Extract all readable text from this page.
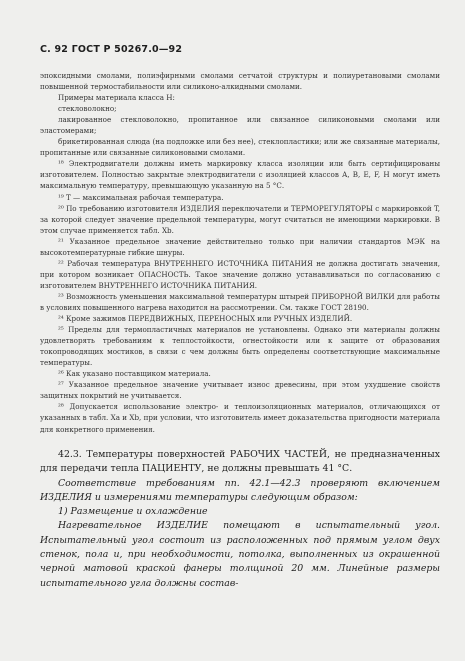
С. 92 ГОСТ Р 50267.0—92

эпоксидными смолами, полиэфирными смолами сетчатой структуры и полиуретановыми смолами повышенной термостабильности или силиконо-алкидными смолами.

Примеры материала класса Н:

стекловолокно;

лакированное стекловолокно, пропитанное или связанное силиконовыми смолами или эластомерами;

брикетированная слюда (на подложке или без нее), стеклопластики; или же связанные материалы, пропитанные или связанные силиконовыми смолами.

¹⁸ Электродвигатели должны иметь маркировку класса изоляции или быть сертифицированы изготовителем. Полностью закрытые электродвигатели с изоляцией классов А, В, Е, F, H могут иметь максимальную температуру, превышающую указанную на 5 °С.

¹⁹ T — максимальная рабочая температура.

²⁰ По требованию изготовителя ИЗДЕЛИЯ переключатели и ТЕРМОРЕГУЛЯТОРЫ с маркировкой T, за которой следует значение предельной температуры, могут считаться не имеющими маркировки. В этом случае применяется табл. Xb.

²¹ Указанное предельное значение действительно только при наличии стандартов МЭК на высокотемпературные гибкие шнуры.

²² Рабочая температура ВНУТРЕННЕГО ИСТОЧНИКА ПИТАНИЯ не должна достигать значения, при котором возникает ОПАСНОСТЬ. Такое значение должно устанавливаться по согласованию с изготовителем ВНУТРЕННЕГО ИСТОЧНИКА ПИТАНИЯ.

²³ Возможность уменьшения максимальной температуры штырей ПРИБОРНОЙ ВИЛКИ для работы в условиях повышенного нагрева находится на рассмотрении. См. также ГОСТ 28190.

²⁴ Кроме зажимов ПЕРЕДВИЖНЫХ, ПЕРЕНОСНЫХ или РУЧНЫХ ИЗДЕЛИЙ.

²⁵ Пределы для термопластичных материалов не установлены. Однако эти материалы должны удовлетворять требованиям к теплостойкости, огнестойкости или к защите от образования токопроводящих мостиков, в связи с чем должны быть определены соответствующие максимальные температуры.

²⁶ Как указано поставщиком материала.

²⁷ Указанное предельное значение учитывает износ древесины, при этом ухудшение свойств защитных покрытий не учитывается.

²⁸ Допускается использование электро- и теплоизоляционных материалов, отличающихся от указанных в табл. Xa и Xb, при условии, что изготовитель имеет доказательства пригодности материала для конкретного применения.

42.3. Температуры поверхностей РАБОЧИХ ЧАСТЕЙ, не предназначенных для передачи тепла ПАЦИЕНТУ, не должны превышать 41 °С.

Соответствие требованиям пп. 42.1—42.3 проверяют включением ИЗДЕЛИЯ и измерениями температуры следующим образом:

1) Размещение и охлаждение

Нагревательное ИЗДЕЛИЕ помещают в испытательный угол. Испытательный угол состоит из расположенных под прямым углом двух стенок, пола и, при необходимости, потолка, выполненных из окрашенной черной матовой краской фанеры толщиной 20 мм. Линейные размеры испытательного угла должны состав-
